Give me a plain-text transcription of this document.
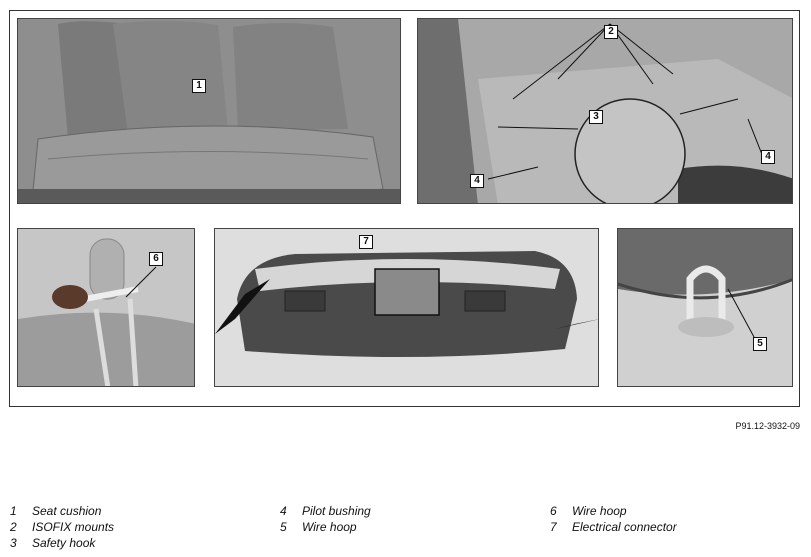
1
2
3
4
4
6
7
5
P91.12-3932-09
1 Seat cushion
2 ISOFIX mounts
3 Safety hook
4 Pilot bushing
5 Wire hoop
6 Wire hoop
7 Electrical connector
